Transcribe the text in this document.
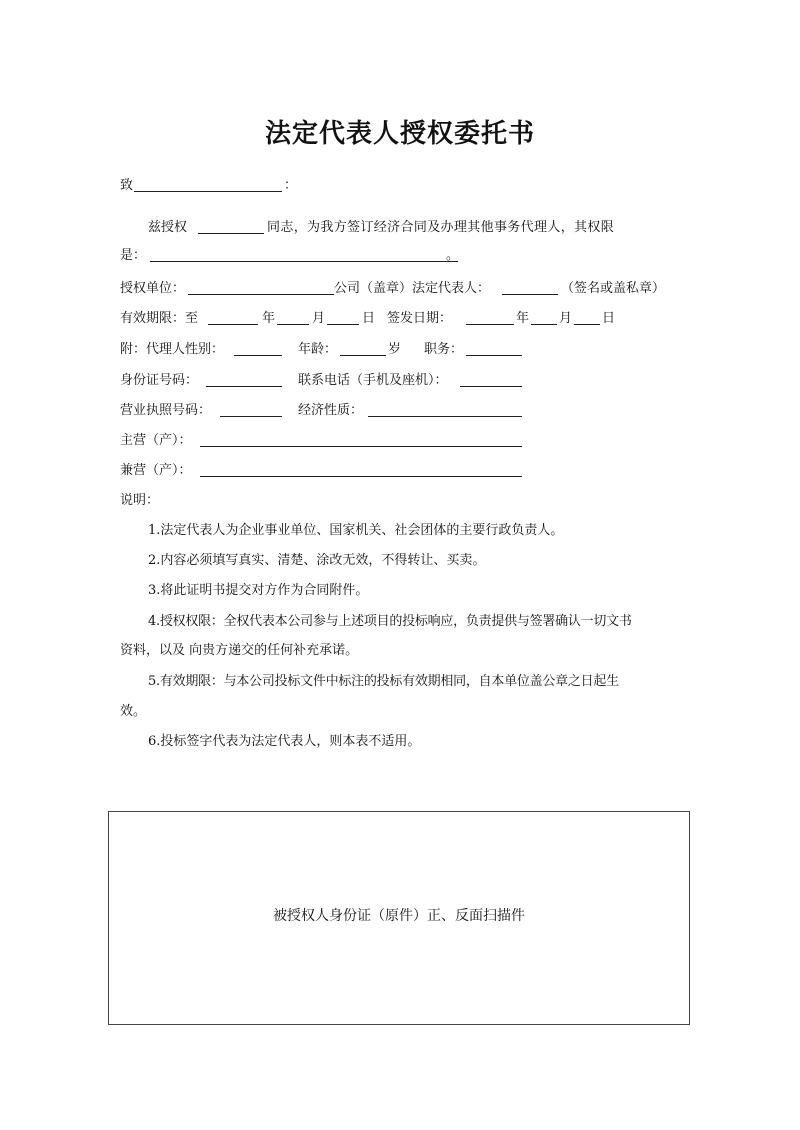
法定代表人授权委托书
致	：
兹授权	同志，为我方签订经济合同及办理其他事务代理人，其权限
是：	。
授权单位：	公司（盖章）法定代表人：	（签名或盖私章）
有效期限：至	年	月	日 签发日期：	年 月 日
附：代理人性别：	年龄：	岁 职务：
身份证号码：	联系电话（手机及座机）：
营业执照号码：	经济性质：
主营（产）：
兼营（产）：
说明：
1.法定代表人为企业事业单位、国家机关、社会团体的主要行政负责人。
2.内容必须填写真实、清楚、涂改无效，不得转让、买卖。
3.将此证明书提交对方作为合同附件。
4.授权权限：全权代表本公司参与上述项目的投标响应，负责提供与签署确认一切文书
资料，以及 向贵方递交的任何补充承诺。
5.有效期限：与本公司投标文件中标注的投标有效期相同，自本单位盖公章之日起生
效。
6.投标签字代表为法定代表人，则本表不适用。
被授权人身份证（原件）正、反面扫描件
